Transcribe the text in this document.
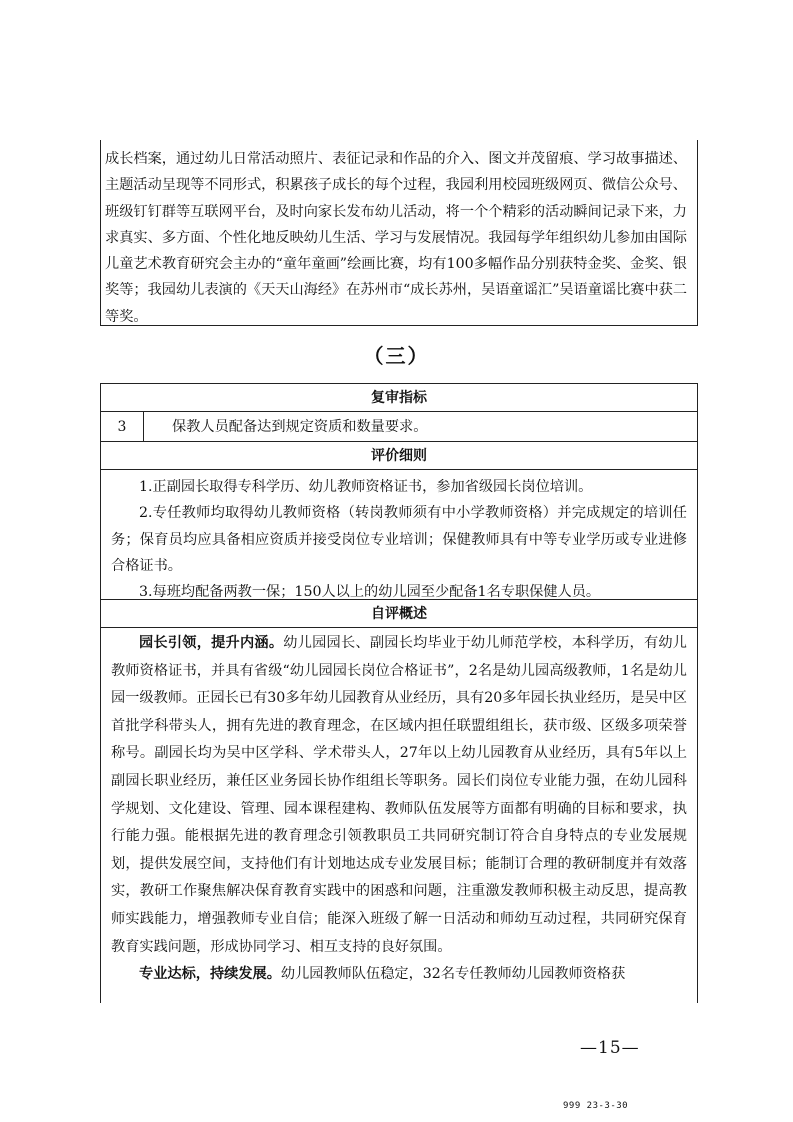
成长档案，通过幼儿日常活动照片、表征记录和作品的介入、图文并茂留痕、学习故事描述、主题活动呈现等不同形式，积累孩子成长的每个过程，我园利用校园班级网页、微信公众号、班级钉钉群等互联网平台，及时向家长发布幼儿活动，将一个个精彩的活动瞬间记录下来，力求真实、多方面、个性化地反映幼儿生活、学习与发展情况。我园每学年组织幼儿参加由国际儿童艺术教育研究会主办的“童年童画”绘画比赛，均有100多幅作品分别获特金奖、金奖、银奖等；我园幼儿表演的《天天山海经》在苏州市“成长苏州，吴语童谣汇”吴语童谣比赛中获二等奖。

（三）
复审指标
3	保教人员配备达到规定资质和数量要求。
评价细则

1.正副园长取得专科学历、幼儿教师资格证书，参加省级园长岗位培训。

2.专任教师均取得幼儿教师资格（转岗教师须有中小学教师资格）并完成规定的培训任务；保育员均应具备相应资质并接受岗位专业培训；保健教师具有中等专业学历或专业进修合格证书。

3.每班均配备两教一保；150人以上的幼儿园至少配备1名专职保健人员。

自评概述

园长引领，提升内涵。幼儿园园长、副园长均毕业于幼儿师范学校，本科学历，有幼儿教师资格证书，并具有省级“幼儿园园长岗位合格证书”，2名是幼儿园高级教师，1名是幼儿园一级教师。正园长已有30多年幼儿园教育从业经历，具有20多年园长执业经历，是吴中区首批学科带头人，拥有先进的教育理念，在区域内担任联盟组组长，获市级、区级多项荣誉称号。副园长均为吴中区学科、学术带头人，27年以上幼儿园教育从业经历，具有5年以上副园长职业经历，兼任区业务园长协作组组长等职务。园长们岗位专业能力强，在幼儿园科学规划、文化建设、管理、园本课程建构、教师队伍发展等方面都有明确的目标和要求，执行能力强。能根据先进的教育理念引领教职员工共同研究制订符合自身特点的专业发展规划，提供发展空间，支持他们有计划地达成专业发展目标；能制订合理的教研制度并有效落实，教研工作聚焦解决保育教育实践中的困惑和问题，注重激发教师积极主动反思，提高教师实践能力，增强教师专业自信；能深入班级了解一日活动和师幼互动过程，共同研究保育教育实践问题，形成协同学习、相互支持的良好氛围。

专业达标，持续发展。幼儿园教师队伍稳定，32名专任教师幼儿园教师资格获

—15—
999 23-3-30
